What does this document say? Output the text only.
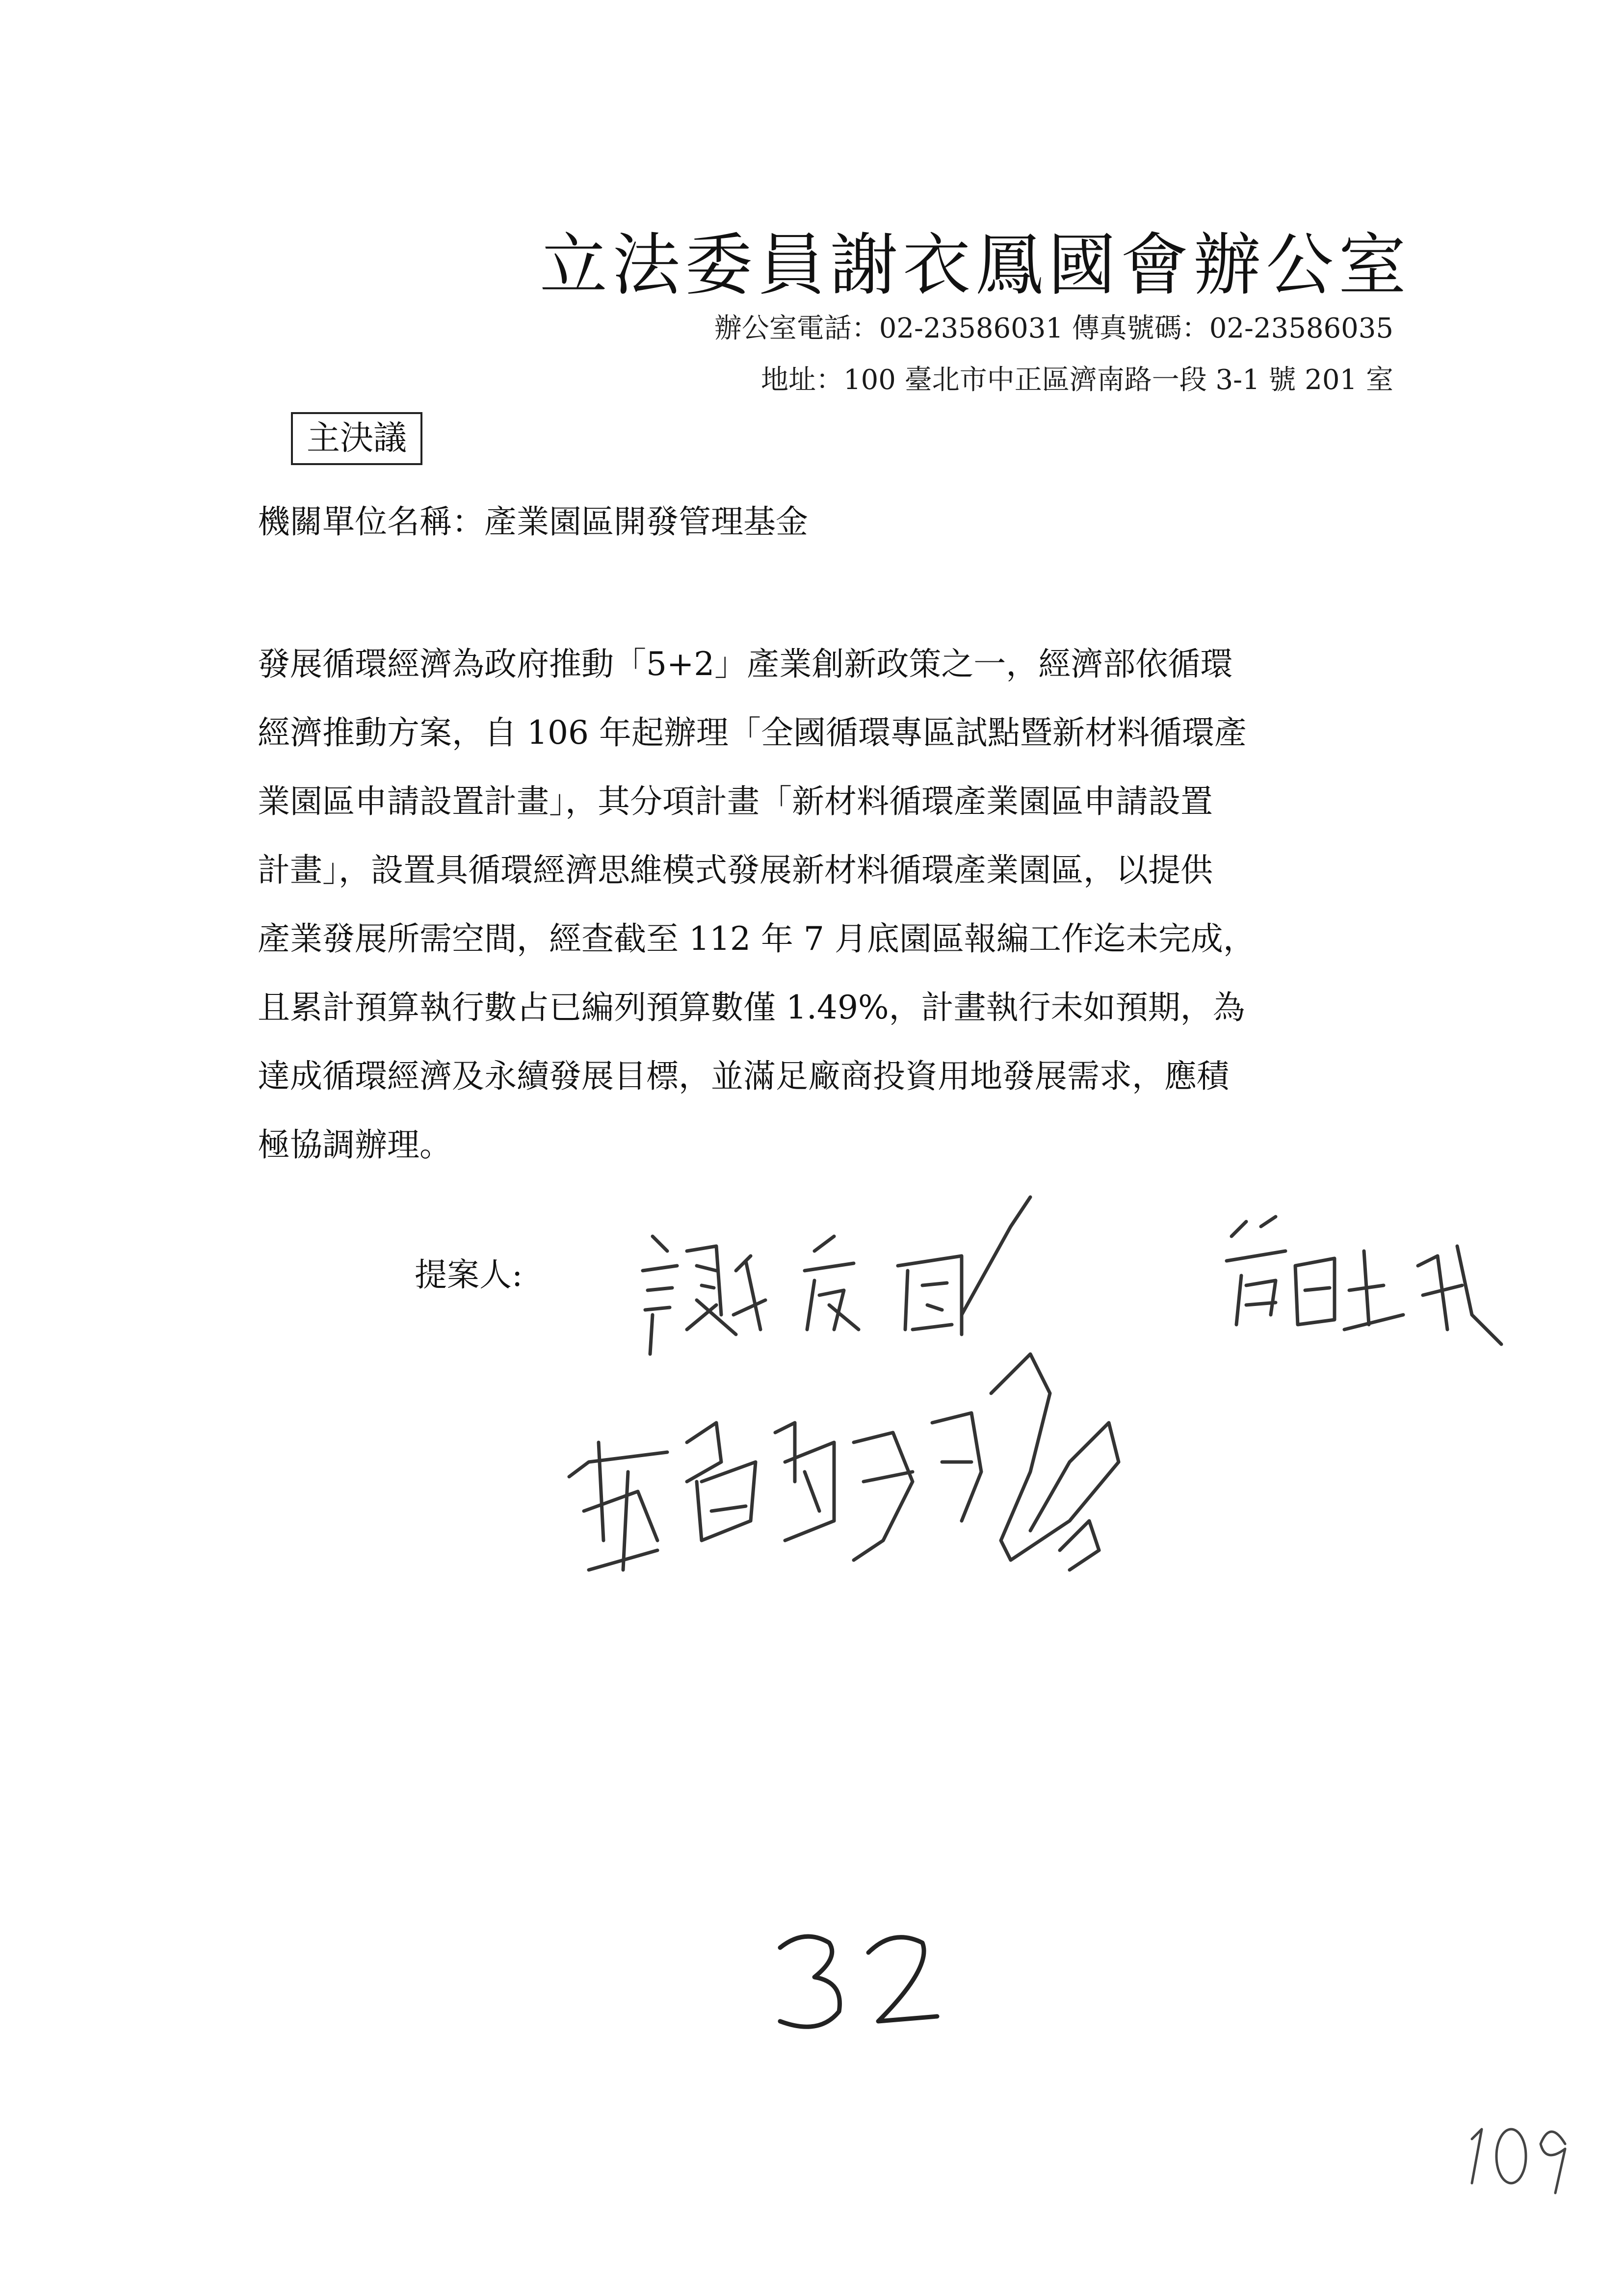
立法委員謝衣鳳國會辦公室
辦公室電話：02-23586031 傳真號碼：02-23586035
地址：100 臺北市中正區濟南路一段 3-1 號 201 室
主決議
機關單位名稱：產業園區開發管理基金
發展循環經濟為政府推動「5+2」產業創新政策之一，經濟部依循環
經濟推動方案，自 106 年起辦理「全國循環專區試點暨新材料循環產
業園區申請設置計畫」，其分項計畫「新材料循環產業園區申請設置
計畫」，設置具循環經濟思維模式發展新材料循環產業園區，以提供
產業發展所需空間，經查截至 112 年 7 月底園區報編工作迄未完成，
且累計預算執行數占已編列預算數僅 1.49%，計畫執行未如預期，為
達成循環經濟及永續發展目標，並滿足廠商投資用地發展需求，應積
極協調辦理。
提案人:
